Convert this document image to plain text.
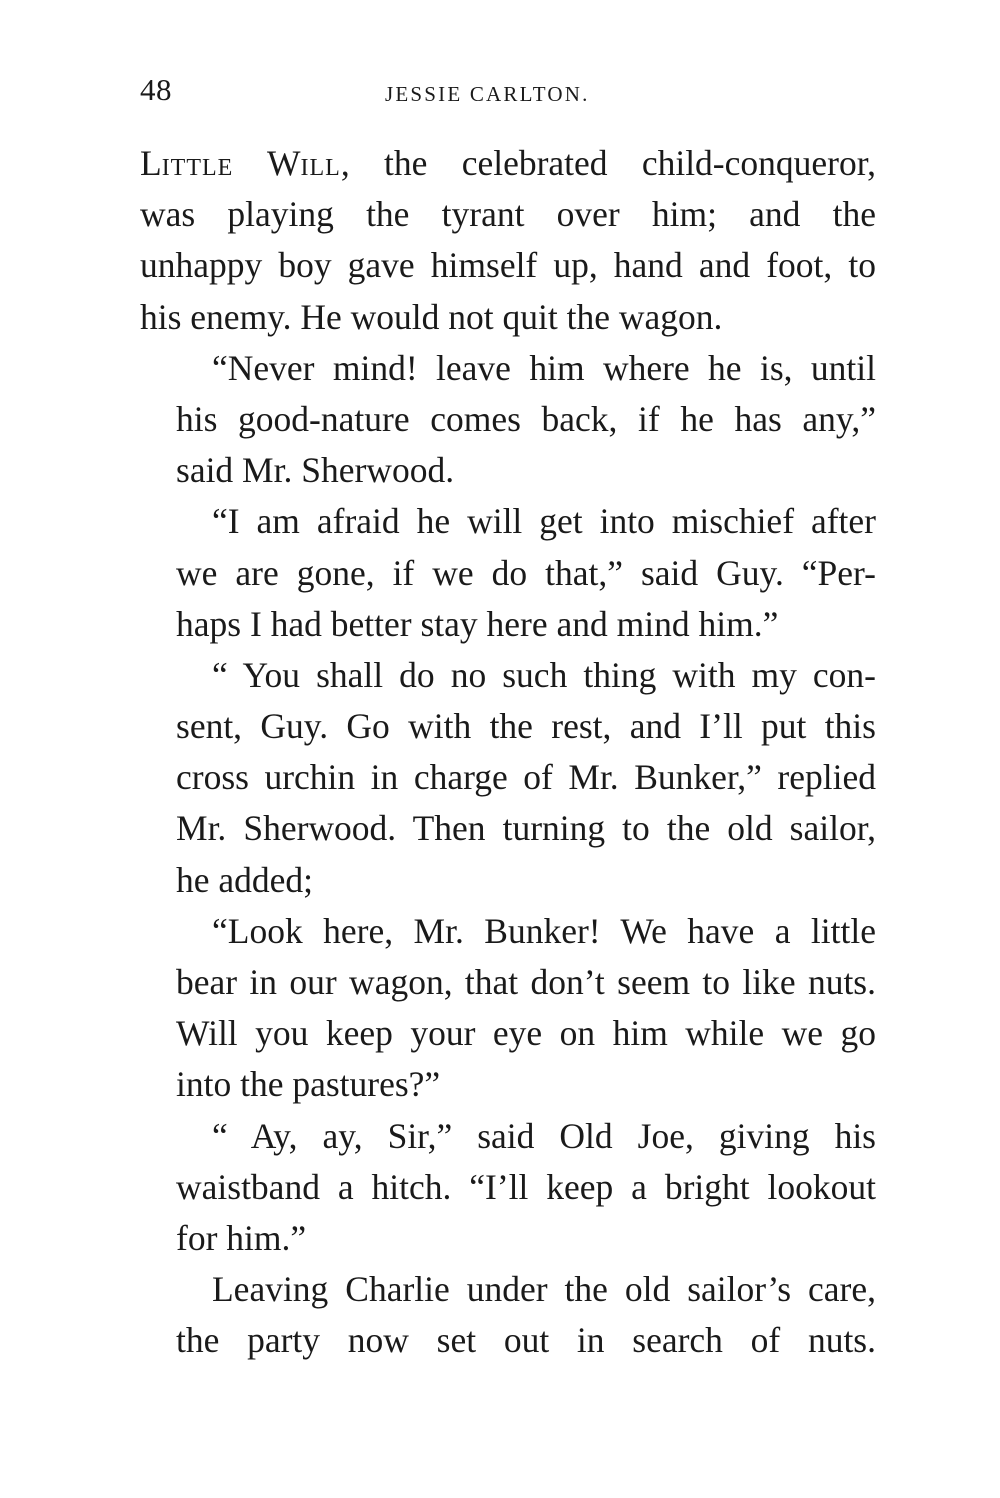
48	JESSIE CARLTON.

LITTLE WILL, the celebrated child-conqueror,
was playing the tyrant over him; and the
unhappy boy gave himself up, hand and foot, to
his enemy. He would not quit the wagon.

“Never mind! leave him where he is, until
his good-nature comes back, if he has any,”
said Mr. Sherwood.

“I am afraid he will get into mischief after
we are gone, if we do that,” said Guy. “Per-
haps I had better stay here and mind him.”

“ You shall do no such thing with my con-
sent, Guy. Go with the rest, and I’ll put this
cross urchin in charge of Mr. Bunker,” replied
Mr. Sherwood. Then turning to the old sailor,
he added;

“Look here, Mr. Bunker! We have a little
bear in our wagon, that don’t seem to like nuts.
Will you keep your eye on him while we go
into the pastures?”

“ Ay, ay, Sir,” said Old Joe, giving his
waistband a hitch. “I’ll keep a bright lookout
for him.”

Leaving Charlie under the old sailor’s care,
the party now set out in search of nuts.
